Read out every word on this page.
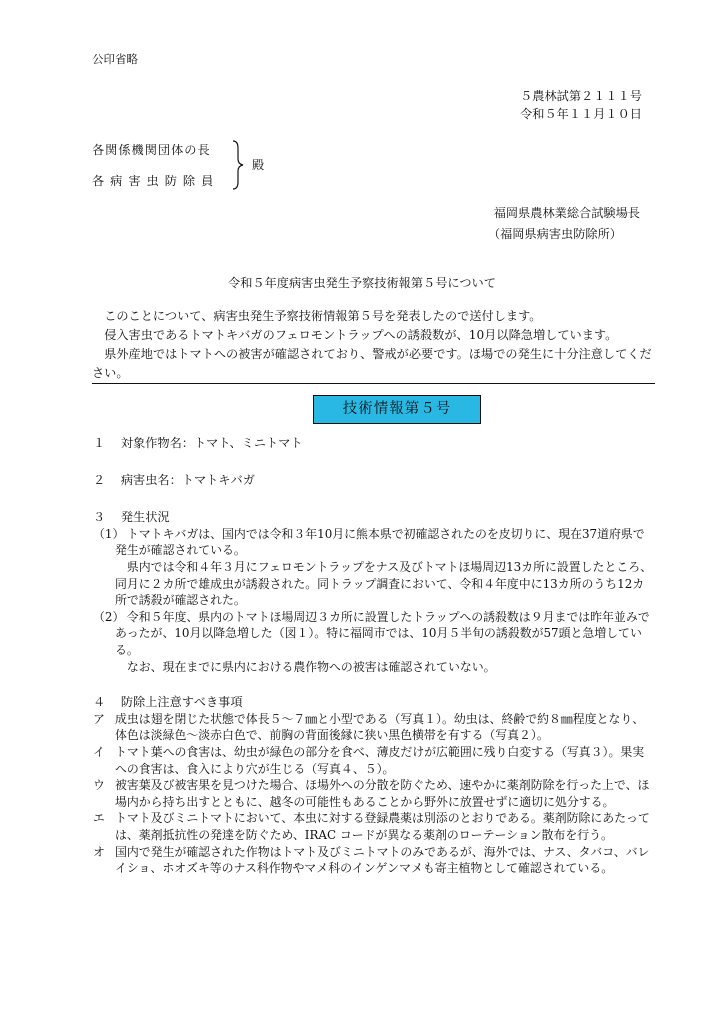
公印省略
５農林試第２１１１号
令和５年１１月１０日
各関係機関団体の長
各病害虫防除員
殿
福岡県農林業総合試験場長
（福岡県病害虫防除所）
令和５年度病害虫発生予察技術報第５号について

このことについて、病害虫発生予察技術情報第５号を発表したので送付します。

侵入害虫であるトマトキバガのフェロモントラップへの誘殺数が、10月以降急増しています。

県外産地ではトマトへの被害が確認されており、警戒が必要です。ほ場での発生に十分注意してください。

技術情報第５号
１ 対象作物名：トマト、ミニトマト
２ 病害虫名：トマトキバガ
３ 発生状況
（1）
　トマトキバガは、国内では令和３年10月に熊本県で初確認されたのを皮切りに、現在37道府県で発生が確認されている。
県内では令和４年３月にフェロモントラップをナス及びトマトほ場周辺13カ所に設置したところ、同月に２カ所で雄成虫が誘殺された。同トラップ調査において、令和４年度中に13カ所のうち12カ所で誘殺が確認された。
（2）
　令和５年度、県内のトマトほ場周辺３カ所に設置したトラップへの誘殺数は９月までは昨年並みであったが、10月以降急増した（図１）。特に福岡市では、10月５半旬の誘殺数が57頭と急増している。
なお、現在までに県内における農作物への被害は確認されていない。
４ 防除上注意すべき事項
ア 成虫は翅を閉じた状態で体長５～７㎜と小型である（写真１）。幼虫は、終齢で約８㎜程度となり、体色は淡緑色～淡赤白色で、前胸の背面後縁に狭い黒色横帯を有する（写真２）。
イ トマト葉への食害は、幼虫が緑色の部分を食べ、薄皮だけが広範囲に残り白変する（写真３）。果実への食害は、食入により穴が生じる（写真４、５）。
ウ 被害葉及び被害果を見つけた場合、ほ場外への分散を防ぐため、速やかに薬剤防除を行った上で、ほ場内から持ち出すとともに、越冬の可能性もあることから野外に放置せずに適切に処分する。
エ トマト及びミニトマトにおいて、本虫に対する登録農薬は別添のとおりである。薬剤防除にあたっては、薬剤抵抗性の発達を防ぐため、IRAC コードが異なる薬剤のローテーション散布を行う。
オ 国内で発生が確認された作物はトマト及びミニトマトのみであるが、海外では、ナス、タバコ、バレイショ、ホオズキ等のナス科作物やマメ科のインゲンマメも寄主植物として確認されている。
